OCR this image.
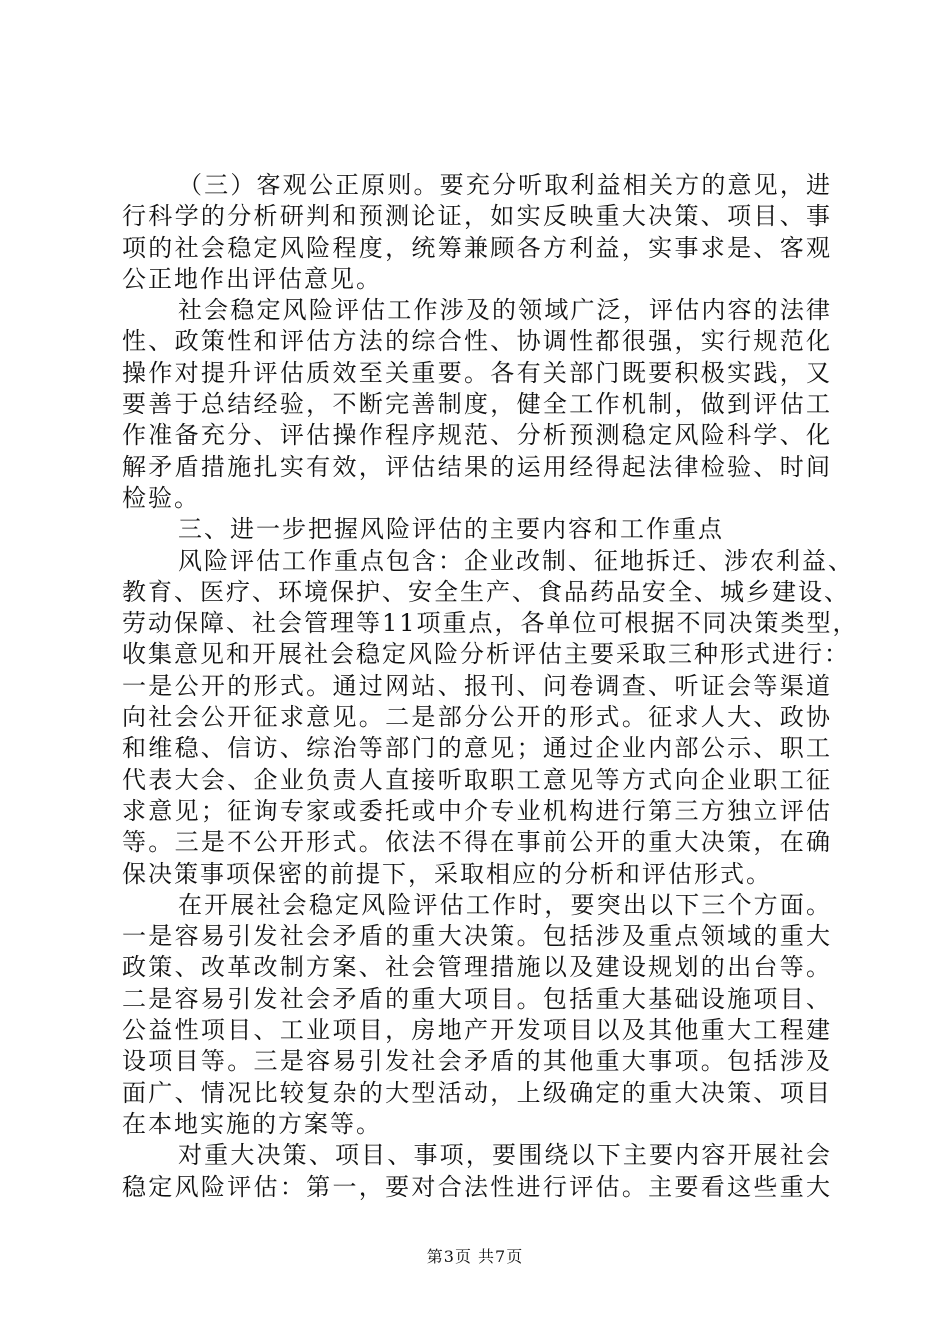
（三）客观公正原则。要充分听取利益相关方的意见，进
行科学的分析研判和预测论证，如实反映重大决策、项目、事
项的社会稳定风险程度，统筹兼顾各方利益，实事求是、客观
公正地作出评估意见。
社会稳定风险评估工作涉及的领域广泛，评估内容的法律
性、政策性和评估方法的综合性、协调性都很强，实行规范化
操作对提升评估质效至关重要。各有关部门既要积极实践，又
要善于总结经验，不断完善制度，健全工作机制，做到评估工
作准备充分、评估操作程序规范、分析预测稳定风险科学、化
解矛盾措施扎实有效，评估结果的运用经得起法律检验、时间
检验。
三、进一步把握风险评估的主要内容和工作重点
风险评估工作重点包含：企业改制、征地拆迁、涉农利益、
教育、医疗、环境保护、安全生产、食品药品安全、城乡建设、
劳动保障、社会管理等11项重点，各单位可根据不同决策类型，
收集意见和开展社会稳定风险分析评估主要采取三种形式进行：
一是公开的形式。通过网站、报刊、问卷调查、听证会等渠道
向社会公开征求意见。二是部分公开的形式。征求人大、政协
和维稳、信访、综治等部门的意见；通过企业内部公示、职工
代表大会、企业负责人直接听取职工意见等方式向企业职工征
求意见；征询专家或委托或中介专业机构进行第三方独立评估
等。三是不公开形式。依法不得在事前公开的重大决策，在确
保决策事项保密的前提下，采取相应的分析和评估形式。
在开展社会稳定风险评估工作时，要突出以下三个方面。
一是容易引发社会矛盾的重大决策。包括涉及重点领域的重大
政策、改革改制方案、社会管理措施以及建设规划的出台等。
二是容易引发社会矛盾的重大项目。包括重大基础设施项目、
公益性项目、工业项目，房地产开发项目以及其他重大工程建
设项目等。三是容易引发社会矛盾的其他重大事项。包括涉及
面广、情况比较复杂的大型活动，上级确定的重大决策、项目
在本地实施的方案等。
对重大决策、项目、事项，要围绕以下主要内容开展社会
稳定风险评估：第一，要对合法性进行评估。主要看这些重大
第3页 共7页
